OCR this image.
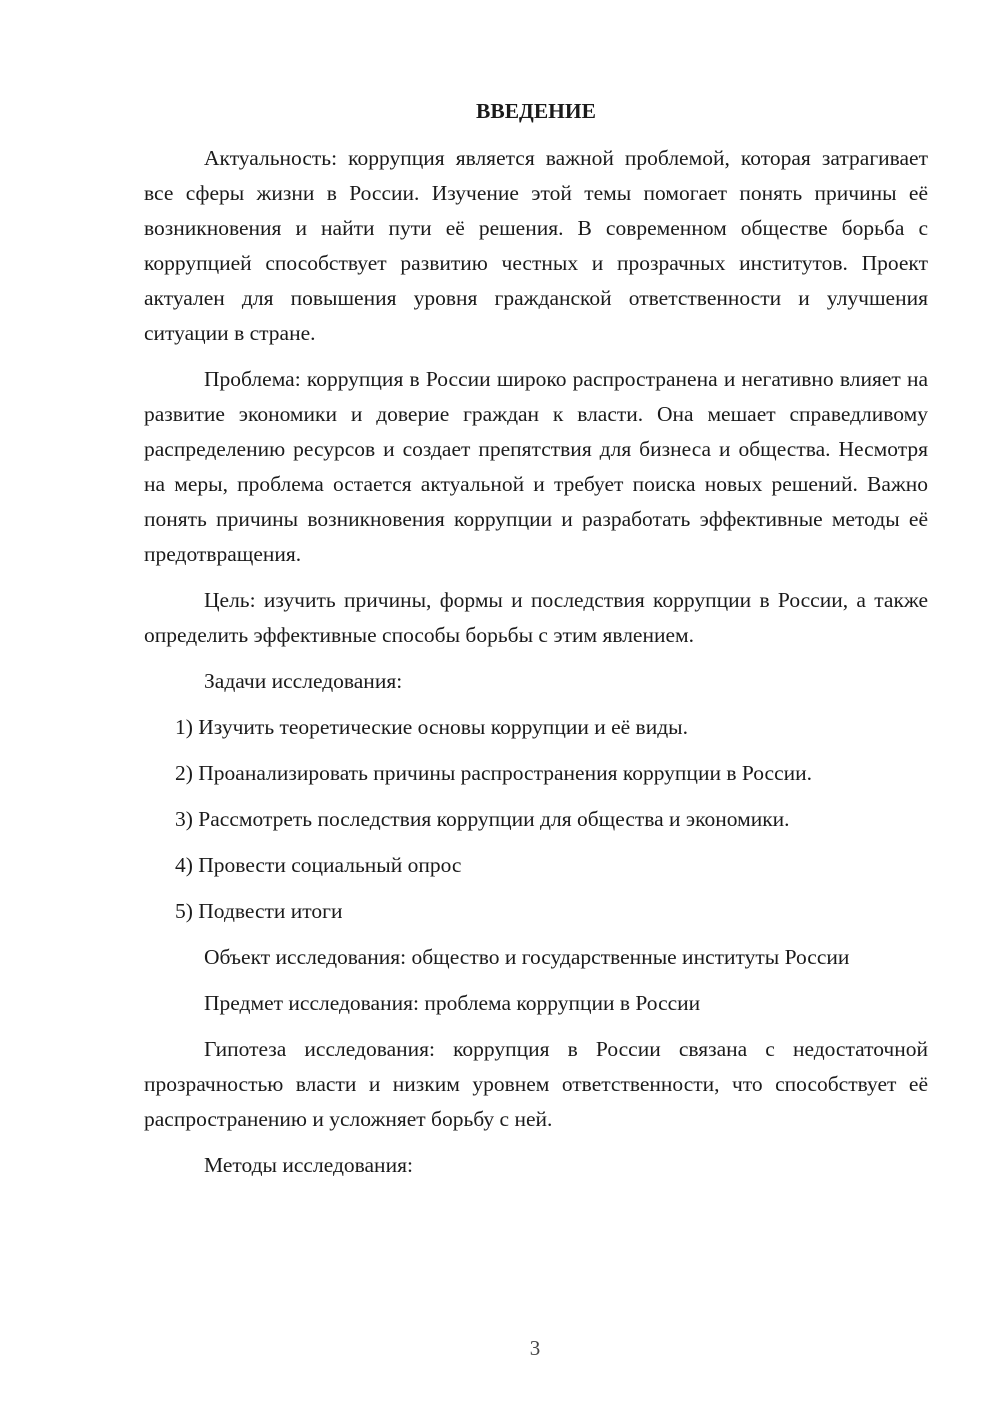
ВВЕДЕНИЕ

Актуальность: коррупция является важной проблемой, которая затрагивает все сферы жизни в России. Изучение этой темы помогает понять причины её возникновения и найти пути её решения. В современном обществе борьба с коррупцией способствует развитию честных и прозрачных институтов. Проект актуален для повышения уровня гражданской ответственности и улучшения ситуации в стране.

Проблема: коррупция в России широко распространена и негативно влияет на развитие экономики и доверие граждан к власти. Она мешает справедливому распределению ресурсов и создает препятствия для бизнеса и общества. Несмотря на меры, проблема остается актуальной и требует поиска новых решений. Важно понять причины возникновения коррупции и разработать эффективные методы её предотвращения.

Цель: изучить причины, формы и последствия коррупции в России, а также определить эффективные способы борьбы с этим явлением.

Задачи исследования:

1) Изучить теоретические основы коррупции и её виды.
2) Проанализировать причины распространения коррупции в России.
3) Рассмотреть последствия коррупции для общества и экономики.
4) Провести социальный опрос
5) Подвести итоги

Объект исследования: общество и государственные институты России

Предмет исследования: проблема коррупции в России

Гипотеза исследования: коррупция в России связана с недостаточной прозрачностью власти и низким уровнем ответственности, что способствует её распространению и усложняет борьбу с ней.

Методы исследования:

3
